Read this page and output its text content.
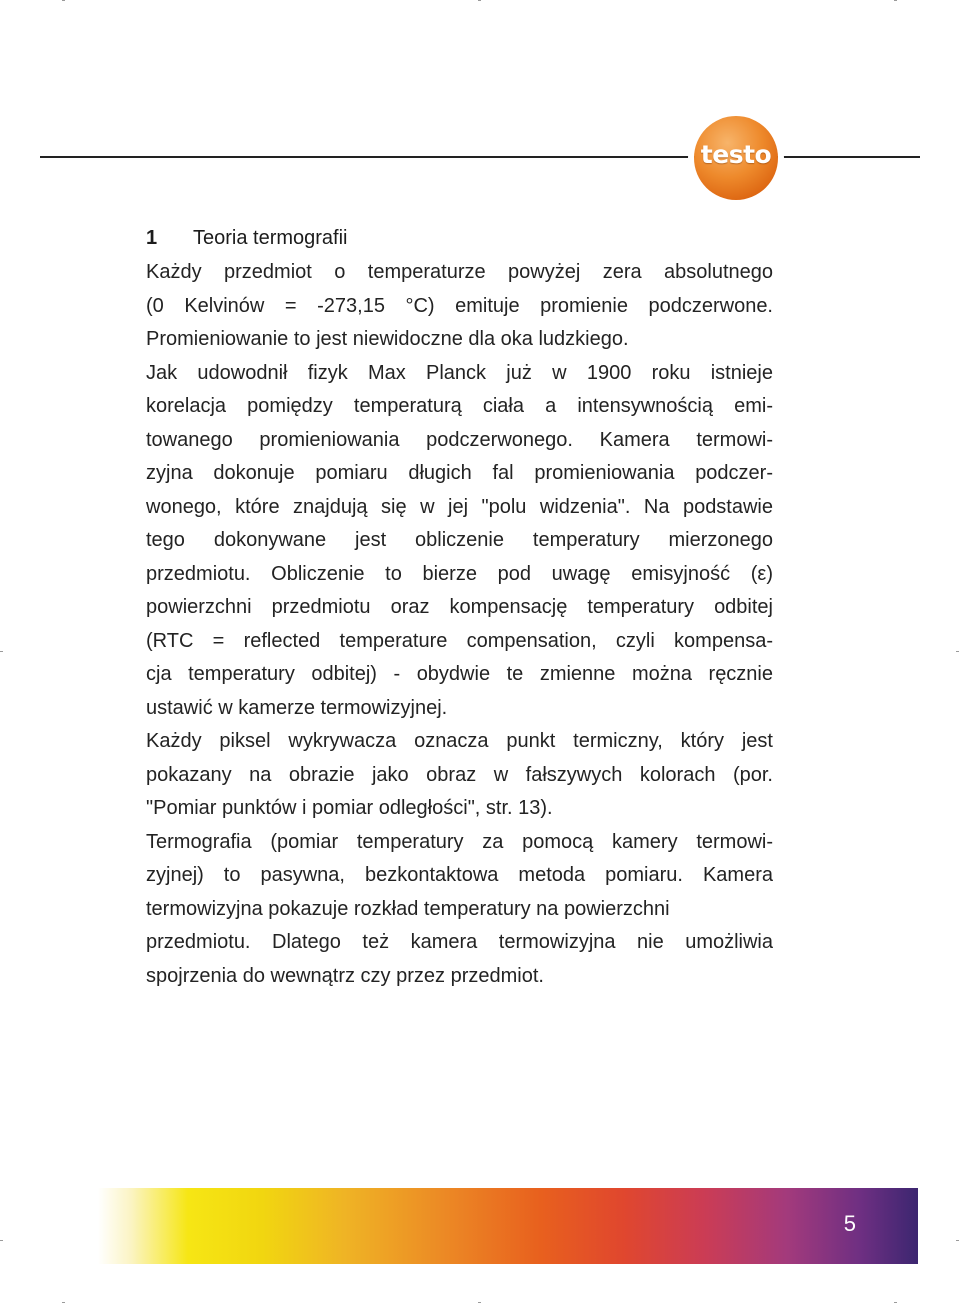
testo
1 Teoria termografii
Każdy przedmiot o temperaturze powyżej zera absolutnego
(0 Kelvinów = -273,15 °C) emituje promienie podczerwone.
Promieniowanie to jest niewidoczne dla oka ludzkiego.
Jak udowodnił fizyk Max Planck już w 1900 roku istnieje
korelacja pomiędzy temperaturą ciała a intensywnością emi-
towanego promieniowania podczerwonego. Kamera termowi-
zyjna dokonuje pomiaru długich fal promieniowania podczer-
wonego, które znajdują się w jej "polu widzenia". Na podstawie
tego dokonywane jest obliczenie temperatury mierzonego
przedmiotu. Obliczenie to bierze pod uwagę emisyjność (ε)
powierzchni przedmiotu oraz kompensację temperatury odbitej
(RTC = reflected temperature compensation, czyli kompensa-
cja temperatury odbitej) - obydwie te zmienne można ręcznie
ustawić w kamerze termowizyjnej.
Każdy piksel wykrywacza oznacza punkt termiczny, który jest
pokazany na obrazie jako obraz w fałszywych kolorach (por.
"Pomiar punktów i pomiar odległości", str. 13).
Termografia (pomiar temperatury za pomocą kamery termowi-
zyjnej) to pasywna, bezkontaktowa metoda pomiaru. Kamera
termowizyjna pokazuje rozkład temperatury na powierzchni
przedmiotu. Dlatego też kamera termowizyjna nie umożliwia
spojrzenia do wewnątrz czy przez przedmiot.
5
